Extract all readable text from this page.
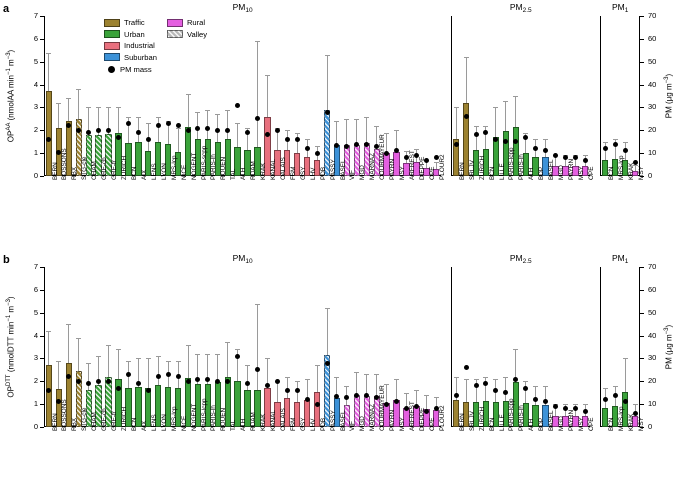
a
$OP^{AA}$ (nmolAA $\min^{-1} m^{-3}$)
0
1
2
3
4
5
6
7
0
10
20
30
40
50
60
70
PM (µg $m^{-3}$)
$PM_{10}$
BERN BOSSONS RBX STG-cle CHAM GRE-cb GRE-fr ZURICH BCN AIX LENS LYON MRS-lcp NICE NOGENT PARIS-scpp PARIS-lh ROUEN TAL ATH RDAM KRAK KANAL CALAIS FSM GSY LHV PDB PASSY BASEL VIF MGD MARNAZ COURMAYEUR PAYRN MSY ARFREST DIEPPE OPE PLOUR2
$PM_{2.5}$
BERN SRLJV ZURICH BCN LILLE PARIS-lcpp PARIS-lh ATH BDP BASEL MGD PAYRN MSY OPE
$PM_1$
BCN MRS-lcp KRAK MSY
b
$OP^{DTT}$ (nmolDTT $\min^{-1} m^{-3}$)
0
1
2
3
4
5
6
7
0
10
20
30
40
50
60
70
PM (µg $m^{-3}$)
$PM_{10}$
BERN BOSSONS RBX STG-cle CHAM GRE-cb GRE-fr ZURICH BCN AIX LENS LYON MRS-lcp NICE NOGENT PARIS-lcpp PARIS-lh ROUEN TAL ATH RDAM KRAK KANAL CALAIS FSM GSY LHV PDB PASSY BASEL VIF MGD MARNAZ COURMAYEUR PAYRN MSY ARFREST DIEPPE OPE PLOUR2
$PM_{2.5}$
BERN SRLJV ZURICH BCN LILLE PARIS-lcpp PARIS-lh ATH BDP BASEL MGD PAYRN MSY OPE
$PM_1$
BCN MRS-lcp KRAK MSY
Traffic
Urban
Industrial
Suburban
Rural
Valley
PM mass
